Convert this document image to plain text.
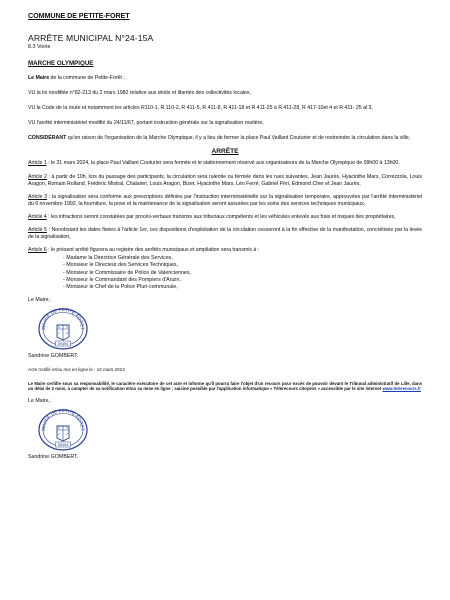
COMMUNE DE PETITE-FORET
ARRÊTE MUNICIPAL N°24-15A
8.3 Voirie
MARCHE OLYMPIQUE

Le Maire de la commune de Petite-Forêt ;

VU la loi modifiée n°82-213 du 2 mars 1982 relative aux droits et libertés des collectivités locales,

VU le Code de la route et notamment les articles R110-1, R 110-2, R 411-5, R 411-8, R 411-18 et R 411-25 à R 411-28, R 417-10et 4 et R 411- 25 al 3,

VU l'arrêté interministériel modifié du 24/11/67, portant instruction générale sur la signalisation routière,

CONSIDÉRANT qu'en raison de l'organisation de la Marche Olympique, il y a lieu de fermer la place Paul Vaillant Couturier et de restreindre la circulation dans la ville,

ARRÊTE

Article 1 : le 31 mars 2024, la place Paul Vaillant Couturier sera fermée et le stationnement réservé aux organisateurs de la Marche Olympique de 09h00 à 13h00,

Article 2 : à partir de 10h, lors du passage des participants, la circulation sera ralentie ou fermée dans les rues suivantes, Jean Jaurès, Hyacinthe Mars, Correzzola, Louis Aragon, Romain Rolland, Frédéric Mistral, Chalarier, Louis Aragon, Bizet, Hyacinthe Mars, Léo Ferré, Gabriel Péri, Edmond Cher et Jean Jaurès,

Article 3 : la signalisation sera conforme aux prescriptions définies par l'instruction interministérielle sur la signalisation temporaire, approuvées par l'arrêté interministériel du 6 novembre 1992, la fourniture, la pose et la maintenance de la signalisation seront assurées par les soins des services techniques municipaux,

Article 4 : les infractions seront constatées par procès-verbaux transmis aux tribunaux compétents et les véhicules enlevés aux frais et risques des propriétaires,

Article 5 : Nonobstant les dates fixées à l'article 1er, ces dispositions d'exploitation de la circulation cesseront à la fin effective de la manifestation, concrétisée par la levée de la signalisation,

Article 6 : le présent arrêté figurera au registre des arrêtés municipaux et ampliation sera transmis à :

- Madame la Directrice Générale des Services,
- Monsieur le Directeur des Services Techniques,
- Monsieur le Commissaire de Police de Valenciennes,
- Monsieur le Commandant des Pompiers d'Anzin,
- Monsieur le Chef de la Police Pluri-communale,
Le Maire,
MAIRIE DE PETITE-FORET
59494
Sandrine GOMBERT.
Acte notifié et/ou mis en ligne le : 12 mars 2024

Le Maire certifie sous sa responsabilité, le caractère exécutoire de cet acte et informe qu'il pourra faire l'objet d'un recours pour excès de pouvoir devant le Tribunal administratif de Lille, dans un délai de 2 mois, à compter de sa notification et/ou sa mise en ligne ; saisine possible par l'application informatique « Télérecours citoyens » accessible par le site internet www.telerecours.fr

Le Maire,
MAIRIE DE PETITE-FORET
59494
Sandrine GOMBERT.
